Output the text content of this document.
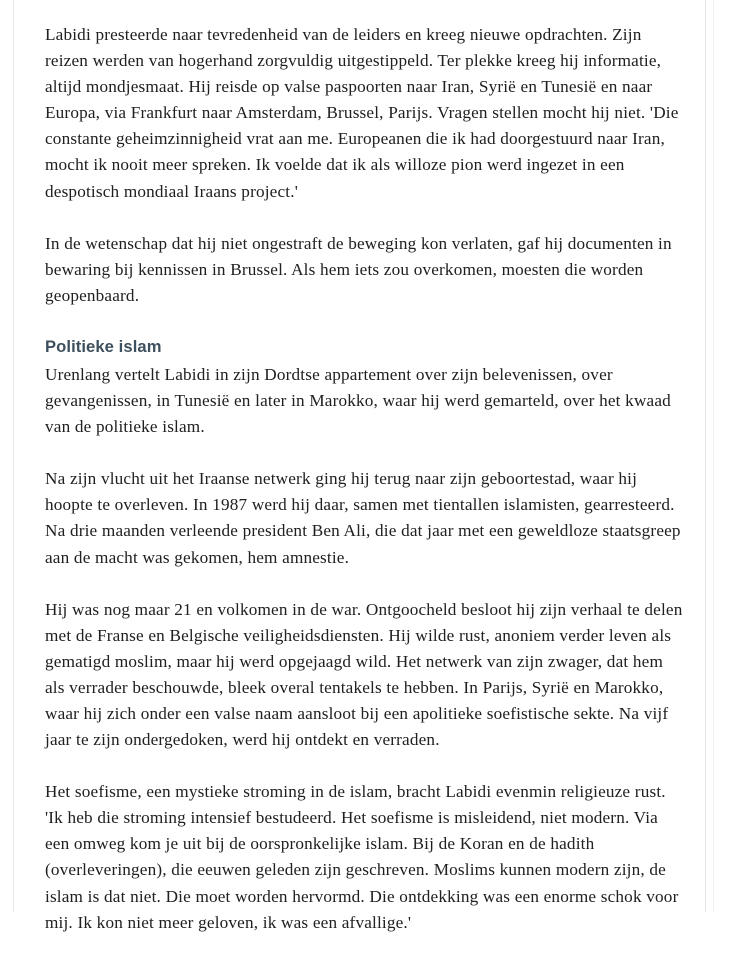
Labidi presteerde naar tevredenheid van de leiders en kreeg nieuwe opdrachten. Zijn reizen werden van hogerhand zorgvuldig uitgestippeld. Ter plekke kreeg hij informatie, altijd mondjesmaat. Hij reisde op valse paspoorten naar Iran, Syrië en Tunesië en naar Europa, via Frankfurt naar Amsterdam, Brussel, Parijs. Vragen stellen mocht hij niet. 'Die constante geheimzinnigheid vrat aan me. Europeanen die ik had doorgestuurd naar Iran, mocht ik nooit meer spreken. Ik voelde dat ik als willoze pion werd ingezet in een despotisch mondiaal Iraans project.'

In de wetenschap dat hij niet ongestraft de beweging kon verlaten, gaf hij documenten in bewaring bij kennissen in Brussel. Als hem iets zou overkomen, moesten die worden geopenbaard.

Politieke islam

Urenlang vertelt Labidi in zijn Dordtse appartement over zijn belevenissen, over gevangenissen, in Tunesië en later in Marokko, waar hij werd gemarteld, over het kwaad van de politieke islam.

Na zijn vlucht uit het Iraanse netwerk ging hij terug naar zijn geboortestad, waar hij hoopte te overleven. In 1987 werd hij daar, samen met tientallen islamisten, gearresteerd. Na drie maanden verleende president Ben Ali, die dat jaar met een geweldloze staatsgreep aan de macht was gekomen, hem amnestie.

Hij was nog maar 21 en volkomen in de war. Ontgoocheld besloot hij zijn verhaal te delen met de Franse en Belgische veiligheidsdiensten. Hij wilde rust, anoniem verder leven als gematigd moslim, maar hij werd opgejaagd wild. Het netwerk van zijn zwager, dat hem als verrader beschouwde, bleek overal tentakels te hebben. In Parijs, Syrië en Marokko, waar hij zich onder een valse naam aansloot bij een apolitieke soefistische sekte. Na vijf jaar te zijn ondergedoken, werd hij ontdekt en verraden.

Het soefisme, een mystieke stroming in de islam, bracht Labidi evenmin religieuze rust. 'Ik heb die stroming intensief bestudeerd. Het soefisme is misleidend, niet modern. Via een omweg kom je uit bij de oorspronkelijke islam. Bij de Koran en de hadith (overleveringen), die eeuwen geleden zijn geschreven. Moslims kunnen modern zijn, de islam is dat niet. Die moet worden hervormd. Die ontdekking was een enorme schok voor mij. Ik kon niet meer geloven, ik was een afvallige.'
